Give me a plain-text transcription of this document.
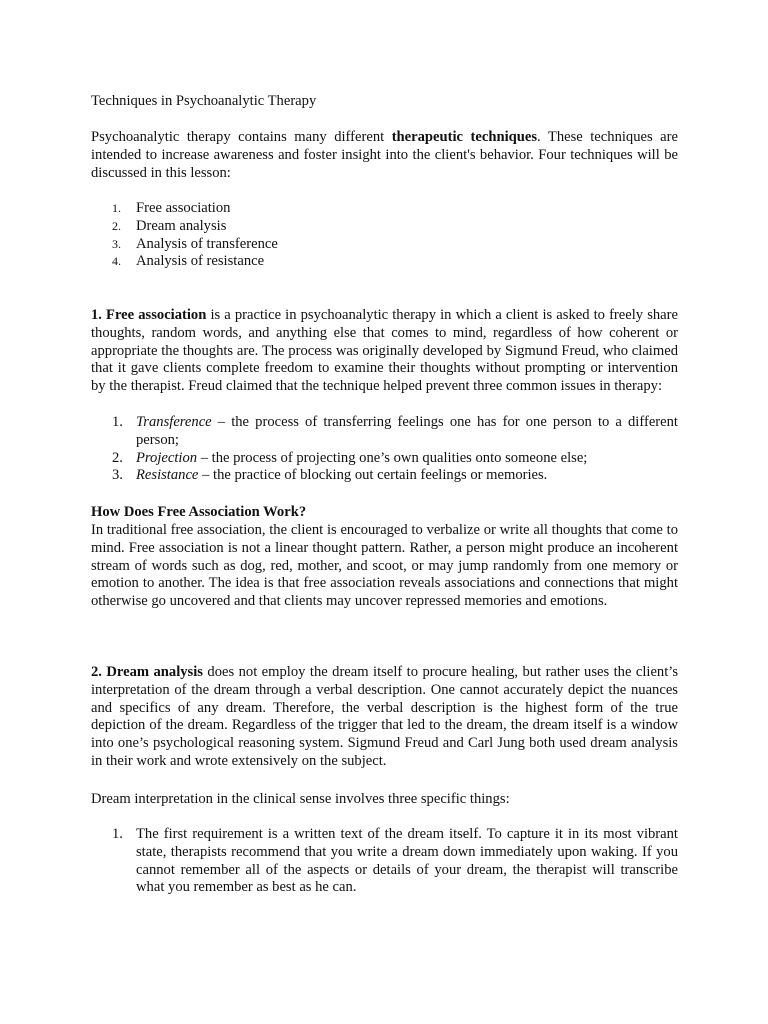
Techniques in Psychoanalytic Therapy

Psychoanalytic therapy contains many different therapeutic techniques. These techniques are intended to increase awareness and foster insight into the client's behavior. Four techniques will be discussed in this lesson:

1. Free association
2. Dream analysis
3. Analysis of transference
4. Analysis of resistance

1. Free association is a practice in psychoanalytic therapy in which a client is asked to freely share thoughts, random words, and anything else that comes to mind, regardless of how coherent or appropriate the thoughts are. The process was originally developed by Sigmund Freud, who claimed that it gave clients complete freedom to examine their thoughts without prompting or intervention by the therapist. Freud claimed that the technique helped prevent three common issues in therapy:

1. Transference – the process of transferring feelings one has for one person to a different person;
2. Projection – the process of projecting one’s own qualities onto someone else;
3. Resistance – the practice of blocking out certain feelings or memories.

How Does Free Association Work?

In traditional free association, the client is encouraged to verbalize or write all thoughts that come to mind. Free association is not a linear thought pattern. Rather, a person might produce an incoherent stream of words such as dog, red, mother, and scoot, or may jump randomly from one memory or emotion to another. The idea is that free association reveals associations and connections that might otherwise go uncovered and that clients may uncover repressed memories and emotions.

2. Dream analysis does not employ the dream itself to procure healing, but rather uses the client’s interpretation of the dream through a verbal description. One cannot accurately depict the nuances and specifics of any dream. Therefore, the verbal description is the highest form of the true depiction of the dream. Regardless of the trigger that led to the dream, the dream itself is a window into one’s psychological reasoning system. Sigmund Freud and Carl Jung both used dream analysis in their work and wrote extensively on the subject.

Dream interpretation in the clinical sense involves three specific things:

1. The first requirement is a written text of the dream itself. To capture it in its most vibrant state, therapists recommend that you write a dream down immediately upon waking. If you cannot remember all of the aspects or details of your dream, the therapist will transcribe what you remember as best as he can.
